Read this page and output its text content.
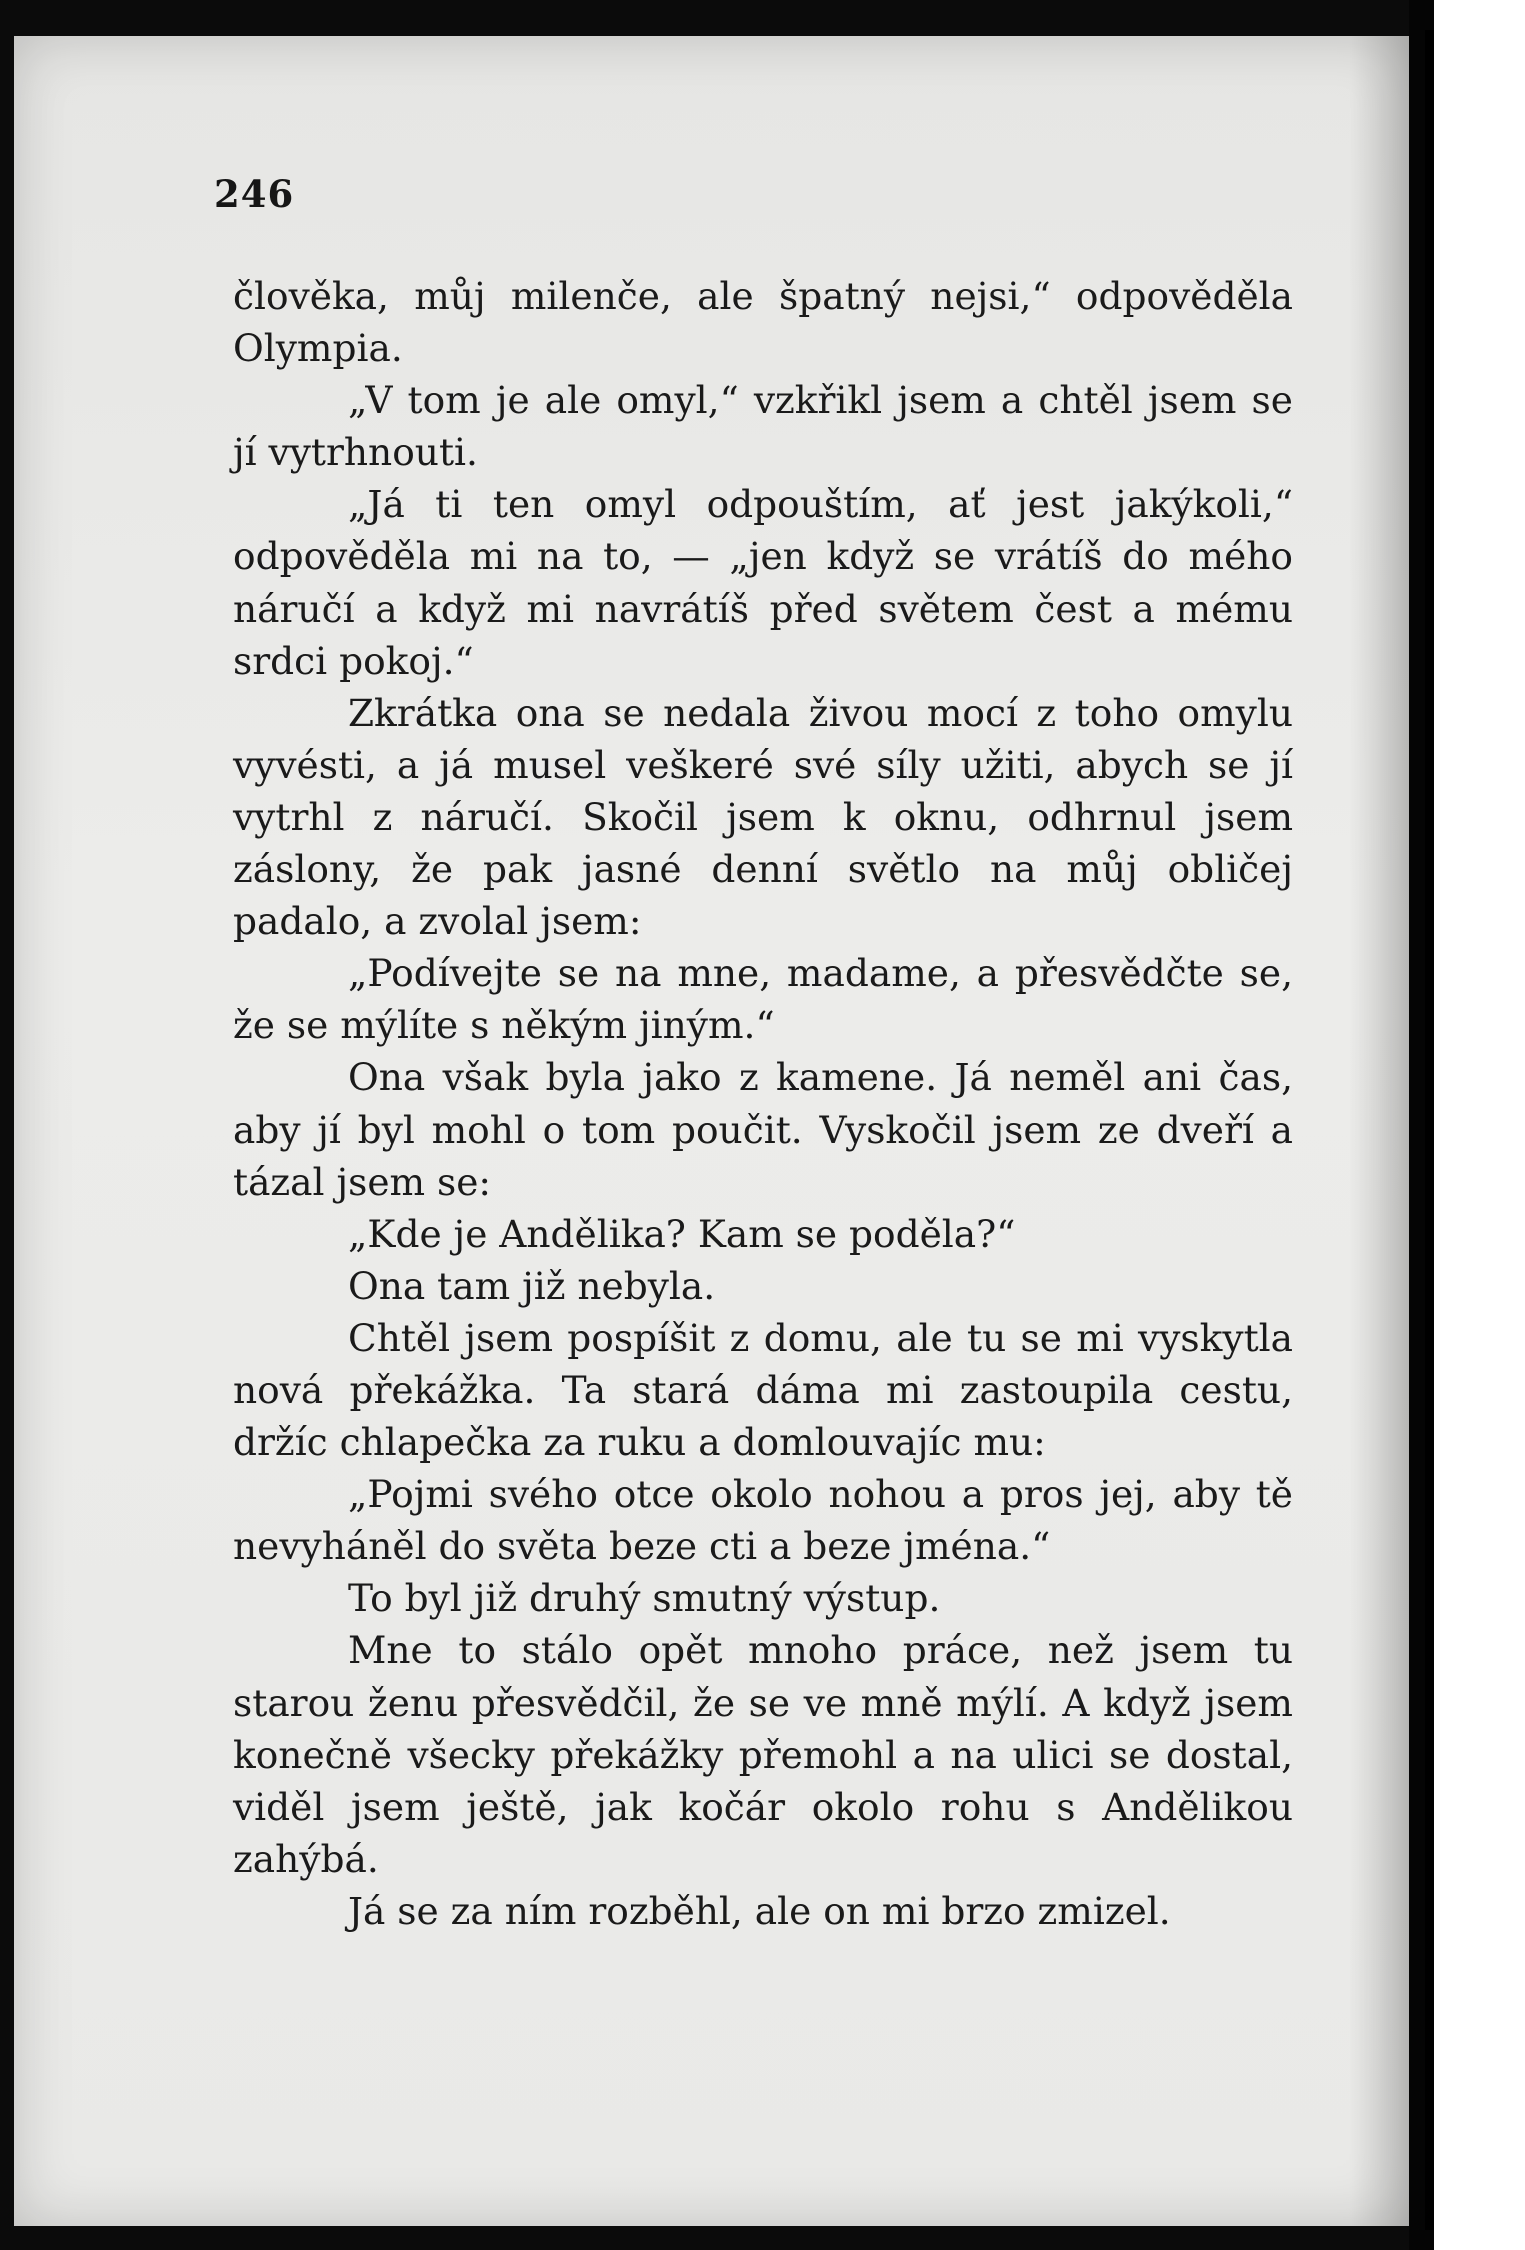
246

člověka, můj milenče, ale špatný nejsi,“ odpověděla Olympia.

„V tom je ale omyl,“ vzkřikl jsem a chtěl jsem se jí vytrhnouti.

„Já ti ten omyl odpouštím, ať jest jakýkoli,“ odpověděla mi na to, — „jen když se vrátíš do mého náručí a když mi navrátíš před světem čest a mému srdci pokoj.“

Zkrátka ona se nedala živou mocí z toho omylu vyvésti, a já musel veškeré své síly užiti, abych se jí vytrhl z náručí. Skočil jsem k oknu, odhrnul jsem záslony, že pak jasné denní světlo na můj obličej padalo, a zvolal jsem:

„Podívejte se na mne, madame, a přesvědčte se, že se mýlíte s někým jiným.“

Ona však byla jako z kamene. Já neměl ani čas, aby jí byl mohl o tom poučit. Vyskočil jsem ze dveří a tázal jsem se:

„Kde je Andělika? Kam se poděla?“

Ona tam již nebyla.

Chtěl jsem pospíšit z domu, ale tu se mi vyskytla nová překážka. Ta stará dáma mi zastoupila cestu, držíc chlapečka za ruku a domlouvajíc mu:

„Pojmi svého otce okolo nohou a pros jej, aby tě nevyháněl do světa beze cti a beze jména.“

To byl již druhý smutný výstup.

Mne to stálo opět mnoho práce, než jsem tu starou ženu přesvědčil, že se ve mně mýlí. A když jsem konečně všecky překážky přemohl a na ulici se dostal, viděl jsem ještě, jak kočár okolo rohu s Andělikou zahýbá.

Já se za ním rozběhl, ale on mi brzo zmizel.
